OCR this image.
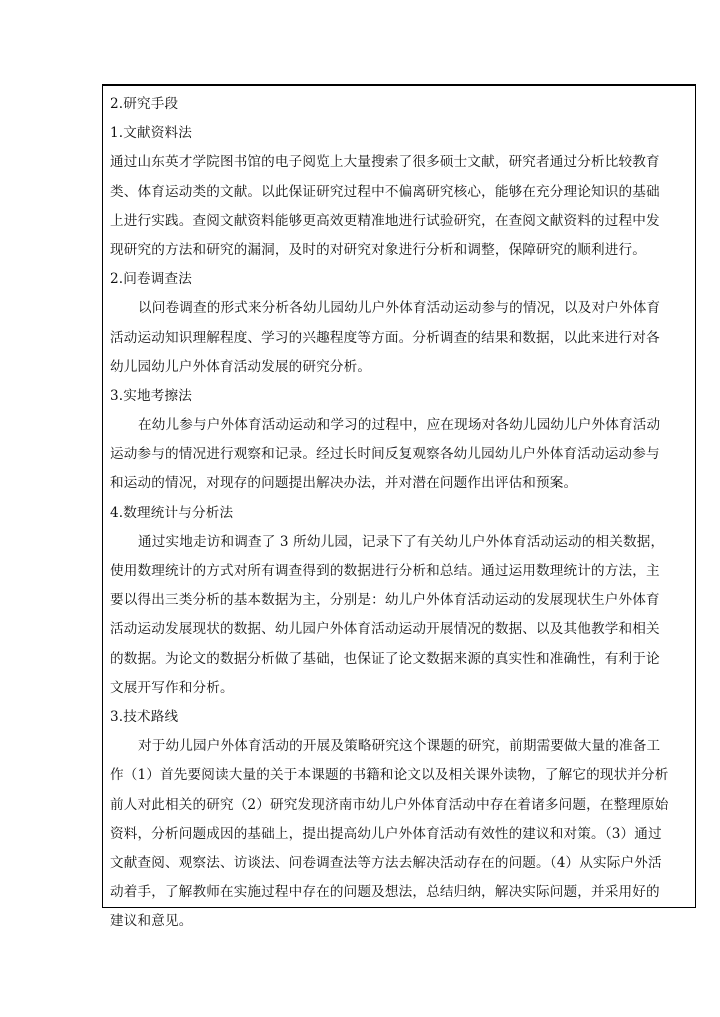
2.研究手段
1.文献资料法
通过山东英才学院图书馆的电子阅览上大量搜索了很多硕士文献，研究者通过分析比较教育
类、体育运动类的文献。以此保证研究过程中不偏离研究核心，能够在充分理论知识的基础
上进行实践。查阅文献资料能够更高效更精准地进行试验研究，在查阅文献资料的过程中发
现研究的方法和研究的漏洞，及时的对研究对象进行分析和调整，保障研究的顺利进行。
2.问卷调查法
以问卷调查的形式来分析各幼儿园幼儿户外体育活动运动参与的情况，以及对户外体育
活动运动知识理解程度、学习的兴趣程度等方面。分析调查的结果和数据，以此来进行对各
幼儿园幼儿户外体育活动发展的研究分析。
3.实地考擦法
在幼儿参与户外体育活动运动和学习的过程中，应在现场对各幼儿园幼儿户外体育活动
运动参与的情况进行观察和记录。经过长时间反复观察各幼儿园幼儿户外体育活动运动参与
和运动的情况，对现存的问题提出解决办法，并对潜在问题作出评估和预案。
4.数理统计与分析法
通过实地走访和调查了 3 所幼儿园，记录下了有关幼儿户外体育活动运动的相关数据，
使用数理统计的方式对所有调查得到的数据进行分析和总结。通过运用数理统计的方法，主
要以得出三类分析的基本数据为主，分别是：幼儿户外体育活动运动的发展现状生户外体育
活动运动发展现状的数据、幼儿园户外体育活动运动开展情况的数据、以及其他教学和相关
的数据。为论文的数据分析做了基础，也保证了论文数据来源的真实性和准确性，有利于论
文展开写作和分析。
3.技术路线
对于幼儿园户外体育活动的开展及策略研究这个课题的研究，前期需要做大量的准备工
作（1）首先要阅读大量的关于本课题的书籍和论文以及相关课外读物，了解它的现状并分析
前人对此相关的研究（2）研究发现济南市幼儿户外体育活动中存在着诸多问题，在整理原始
资料，分析问题成因的基础上，提出提高幼儿户外体育活动有效性的建议和对策。（3）通过
文献查阅、观察法、访谈法、问卷调查法等方法去解决活动存在的问题。（4）从实际户外活
动着手，了解教师在实施过程中存在的问题及想法，总结归纳，解决实际问题，并采用好的
建议和意见。
